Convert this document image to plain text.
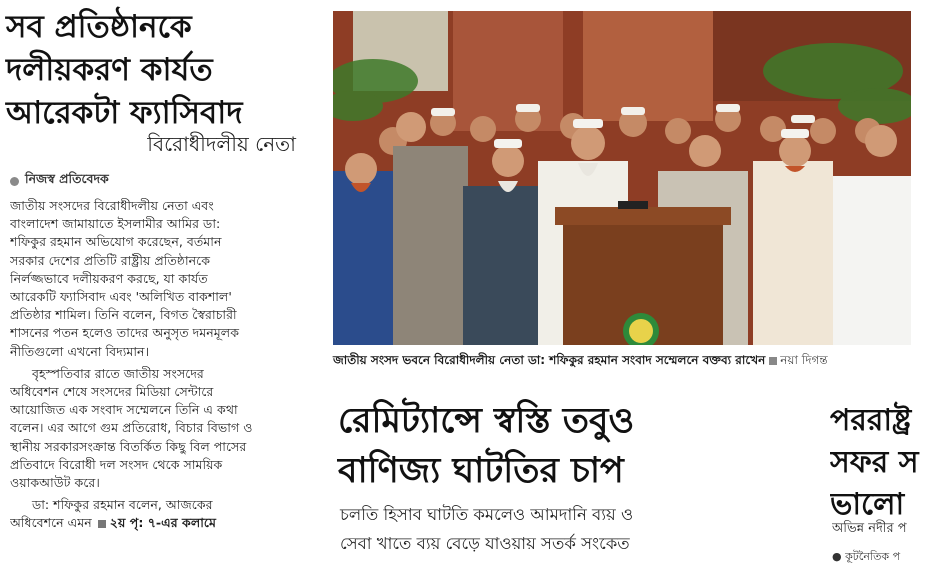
সব প্রতিষ্ঠানকে
দলীয়করণ কার্যত
আরেকটা ফ্যাসিবাদ
বিরোধীদলীয় নেতা
নিজস্ব প্রতিবেদক
জাতীয় সংসদের বিরোধীদলীয় নেতা এবং
বাংলাদেশ জামায়াতে ইসলামীর আমির ডা:
শফিকুর রহমান অভিযোগ করেছেন, বর্তমান
সরকার দেশের প্রতিটি রাষ্ট্রীয় প্রতিষ্ঠানকে
নির্লজ্জভাবে দলীয়করণ করছে, যা কার্যত
আরেকটি ফ্যাসিবাদ এবং 'অলিখিত বাকশাল'
প্রতিষ্ঠার শামিল। তিনি বলেন, বিগত স্বৈরাচারী
শাসনের পতন হলেও তাদের অনুসৃত দমনমূলক
নীতিগুলো এখনো বিদ্যমান।
বৃহস্পতিবার রাতে জাতীয় সংসদের
অধিবেশন শেষে সংসদের মিডিয়া সেন্টারে
আয়োজিত এক সংবাদ সম্মেলনে তিনি এ কথা
বলেন। এর আগে গুম প্রতিরোধ, বিচার বিভাগ ও
স্থানীয় সরকারসংক্রান্ত বিতর্কিত কিছু বিল পাসের
প্রতিবাদে বিরোধী দল সংসদ থেকে সাময়িক
ওয়াকআউট করে।
ডা: শফিকুর রহমান বলেন, আজকের
অধিবেশনে এমন ২য় পৃ: ৭-এর কলামে
জাতীয় সংসদ ভবনে বিরোধীদলীয় নেতা ডা: শফিকুর রহমান সংবাদ সম্মেলনে বক্তব্য রাখেন নয়া দিগন্ত
রেমিট্যান্সে স্বস্তি তবুও
বাণিজ্য ঘাটতির চাপ
চলতি হিসাব ঘাটতি কমলেও আমদানি ব্যয় ও
সেবা খাতে ব্যয় বেড়ে যাওয়ায় সতর্ক সংকেত
পররাষ্ট্র
সফর স
ভালো
অভিন্ন নদীর প
● কূটনৈতিক প
